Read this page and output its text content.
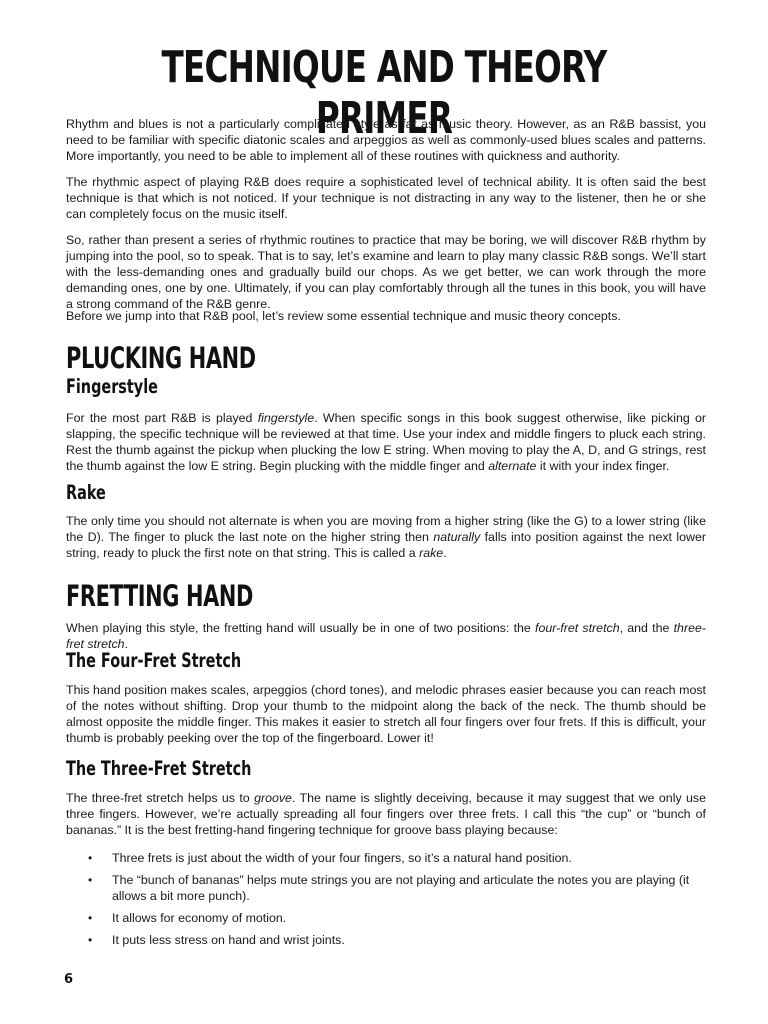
TECHNIQUE AND THEORY PRIMER

Rhythm and blues is not a particularly complicated style as far as music theory. However, as an R&B bassist, you need to be familiar with specific diatonic scales and arpeggios as well as commonly-used blues scales and patterns. More importantly, you need to be able to implement all of these routines with quickness and authority.

The rhythmic aspect of playing R&B does require a sophisticated level of technical ability. It is often said the best technique is that which is not noticed. If your technique is not distracting in any way to the listener, then he or she can completely focus on the music itself.

So, rather than present a series of rhythmic routines to practice that may be boring, we will discover R&B rhythm by jumping into the pool, so to speak. That is to say, let’s examine and learn to play many classic R&B songs. We’ll start with the less-demanding ones and gradually build our chops. As we get better, we can work through the more demanding ones, one by one. Ultimately, if you can play comfortably through all the tunes in this book, you will have a strong command of the R&B genre.

Before we jump into that R&B pool, let’s review some essential technique and music theory concepts.

PLUCKING HAND
Fingerstyle

For the most part R&B is played fingerstyle. When specific songs in this book suggest otherwise, like picking or slapping, the specific technique will be reviewed at that time. Use your index and middle fingers to pluck each string. Rest the thumb against the pickup when plucking the low E string. When moving to play the A, D, and G strings, rest the thumb against the low E string. Begin plucking with the middle finger and alternate it with your index finger.

Rake

The only time you should not alternate is when you are moving from a higher string (like the G) to a lower string (like the D). The finger to pluck the last note on the higher string then naturally falls into position against the next lower string, ready to pluck the first note on that string. This is called a rake.

FRETTING HAND

When playing this style, the fretting hand will usually be in one of two positions: the four-fret stretch, and the three-fret stretch.

The Four-Fret Stretch

This hand position makes scales, arpeggios (chord tones), and melodic phrases easier because you can reach most of the notes without shifting. Drop your thumb to the midpoint along the back of the neck. The thumb should be almost opposite the middle finger. This makes it easier to stretch all four fingers over four frets. If this is difficult, your thumb is probably peeking over the top of the fingerboard. Lower it!

The Three-Fret Stretch

The three-fret stretch helps us to groove. The name is slightly deceiving, because it may suggest that we only use three fingers. However, we’re actually spreading all four fingers over three frets. I call this “the cup” or “bunch of bananas.” It is the best fretting-hand fingering technique for groove bass playing because:

• Three frets is just about the width of your four fingers, so it’s a natural hand position.
• The “bunch of bananas” helps mute strings you are not playing and articulate the notes you are playing (it allows a bit more punch).
• It allows for economy of motion.
• It puts less stress on hand and wrist joints.
6
